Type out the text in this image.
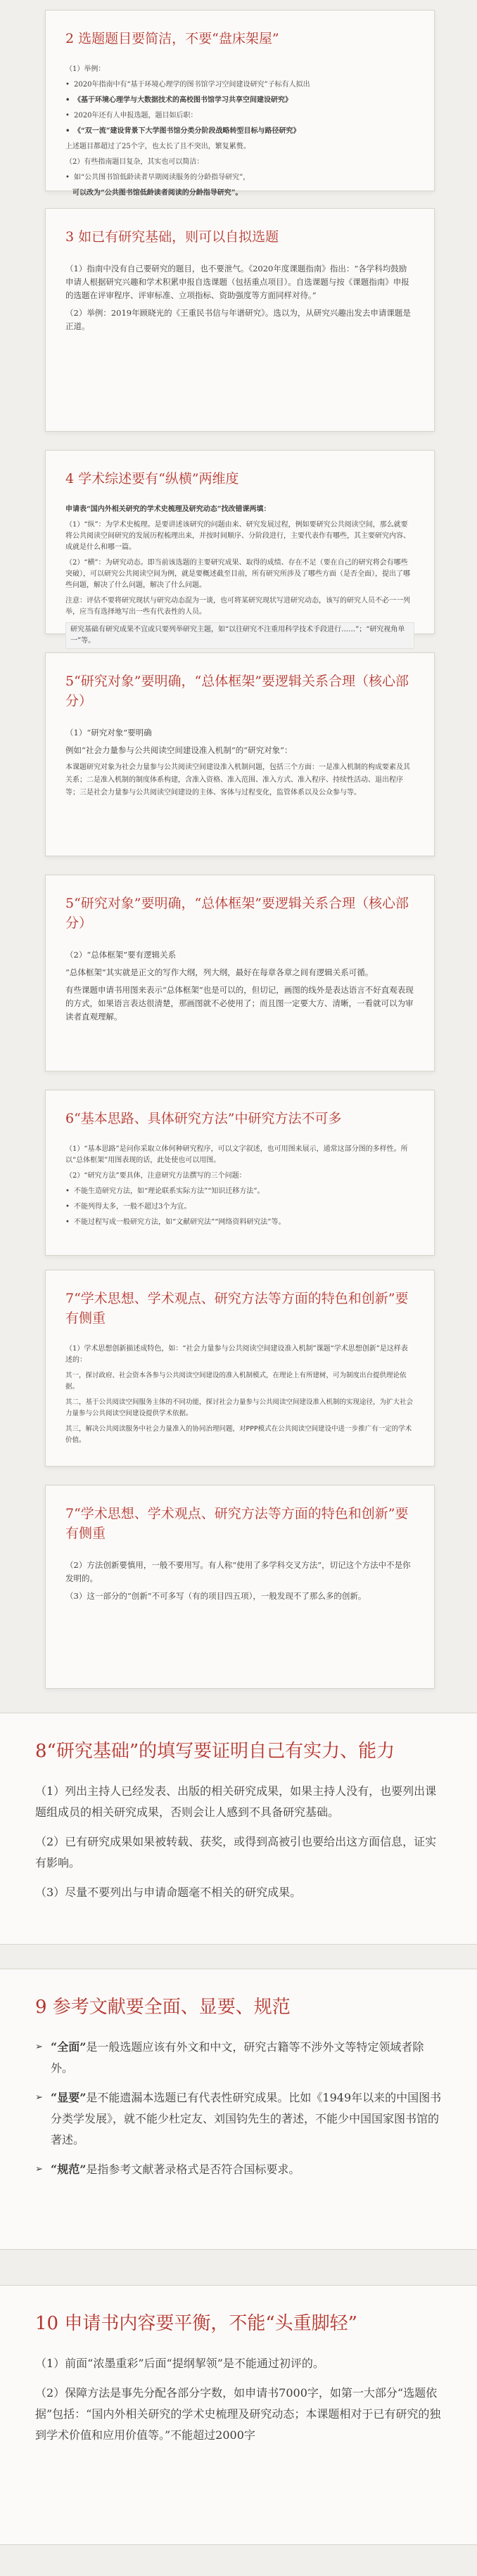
2 选题题目要简洁，不要“盘床架屋”

（1）举例：

• 2020年指南中有“基于环境心理学的图书馆学习空间建设研究”子标有人拟出

• 《基于环境心理学与大数据技术的高校图书馆学习共享空间建设研究》

• 2020年还有人申报选题，题目如后职：

• 《“双一流”建设背景下大学图书馆分类分阶段战略转型目标与路径研究》

上述题目都超过了25个字，也太长了且不突出，繁复累赘。

（2）有些指南题目复杂，其实也可以简洁：

• 如“公共图书馆低龄读者早期阅读服务的分龄指导研究”，

可以改为“公共图书馆低龄读者阅读的分龄指导研究”。

3 如已有研究基础，则可以自拟选题

（1）指南中没有自己要研究的题目，也不要泄气。《2020年度课题指南》指出：“各学科均鼓励申请人根据研究兴趣和学术积累申报自选课题（包括重点项目）。自选课题与按《课题指南》申报的选题在评审程序、评审标准、立项指标、资助强度等方面同样对待。”

（2）举例：2019年顾晓光的《王重民书信与年谱研究》。选以为，从研究兴趣出发去申请课题是正道。

4 学术综述要有“纵横”两维度

申请表“国内外相关研究的学术史梳理及研究动态”找改错课两填：

（1）“纵”：为学术史梳理。是要讲述该研究的问题由来、研究发展过程，例如要研究公共阅读空间，那么就要将公共阅读空间研究的发展历程梳理出来，并按时间顺序、分阶段进行，主要代表作有哪些，其主要研究内容、成就是什么和哪一篇。

（2）“横”：为研究动态。即当前该选题的主要研究成果、取得的成绩、存在不足（要在自己的研究将会有哪些突破），可以研究公共阅读空间为例，就是要概述截至目前，所有研究所涉及了哪些方面（是否全面），提出了哪些问题，解决了什么问题，解决了什么问题。

注意：评估不要将研究现状与研究动态混为一谈，也可将某研究现状写进研究动态，该写的研究人员不必一一列举，应当有选择地写出一些有代表性的人员。

研究基础有研究成果不宜或只要列举研究主题，如“以往研究不注重用科学技术手段进行……”；“研究视角单一”等。

5“研究对象”要明确，“总体框架”要逻辑关系合理（核心部分）

（1）“研究对象”要明确

例如“社会力量参与公共阅读空间建设准入机制”的“研究对象”：

本课题研究对象为社会力量参与公共阅读空间建设准入机制问题，包括三个方面：一是准入机制的构成要素及其关系；二是准入机制的制度体系构建，含准入资格、准入范围、准入方式、准入程序、持续性活动、退出程序等；三是社会力量参与公共阅读空间建设的主体、客体与过程变化，监管体系以及公众参与等。

5“研究对象”要明确，“总体框架”要逻辑关系合理（核心部分）

（2）“总体框架”要有逻辑关系

“总体框架”其实就是正文的写作大纲，列大纲，最好在每章各章之间有逻辑关系可循。

有些课题申请书用图来表示“总体框架”也是可以的，但切记，画图的线外是表达语言不好直观表现的方式，如果语言表达很清楚，那画图就不必使用了；而且图一定要大方、清晰，一看就可以为审读者直观理解。

6“基本思路、具体研究方法”中研究方法不可多

（1）“基本思路”是问你采取立体何种研究程序，可以文字叙述，也可用图来展示，通常这部分图的多样性。所以“总体框架”用图表现的话，此处使也可以用图。

（2）“研究方法”要具体，注意研究方法撰写的三个问题：

• 不能生造研究方法，如“理论联系实际方法”“知识迁移方法”。

• 不能列得太多，一般不超过3个为宜。

• 不能过程写成一般研究方法，如“文献研究法”“网络资料研究法”等。

7“学术思想、学术观点、研究方法等方面的特色和创新”要有侧重

（1）学术思想创新描述成特色，如：“社会力量参与公共阅读空间建设准入机制”课题“学术思想创新”是这样表述的：

其一，探讨政府、社会资本各参与公共阅读空间建设的准入机制模式，在理论上有所建树，可为制度出台提供理论依据。

其二，基于公共阅读空间服务主体的不同功能，探讨社会力量参与公共阅读空间建设准入机制的实现途径，为扩大社会力量参与公共阅读空间建设提供学术依据。

其三，解决公共阅读服务中社会力量准入的协同治理问题，对PPP模式在公共阅读空间建设中进一步推广有一定的学术价值。

7“学术思想、学术观点、研究方法等方面的特色和创新”要有侧重

（2）方法创新要慎用，一般不要用写。有人称“使用了多学科交叉方法”，切记这个方法中不是你发明的。

（3）这一部分的“创新”不可多写（有的项目四五项），一般发现不了那么多的创新。

8“研究基础”的填写要证明自己有实力、能力

（1）列出主持人已经发表、出版的相关研究成果，如果主持人没有，也要列出课题组成员的相关研究成果，否则会让人感到不具备研究基础。

（2）已有研究成果如果被转载、获奖，或得到高被引也要给出这方面信息，证实有影响。

（3）尽量不要列出与申请命题毫不相关的研究成果。

9 参考文献要全面、显要、规范

➢ “全面”是一般选题应该有外文和中文，研究古籍等不涉外文等特定领域者除外。

➢ “显要”是不能遗漏本选题已有代表性研究成果。比如《1949年以来的中国图书分类学发展》，就不能少杜定友、刘国钧先生的著述，不能少中国国家图书馆的著述。

➢ “规范”是指参考文献著录格式是否符合国标要求。

10 申请书内容要平衡，不能“头重脚轻”

（1）前面“浓墨重彩”后面“提纲挈领”是不能通过初评的。

（2）保障方法是事先分配各部分字数，如申请书7000字，如第一大部分“选题依据”包括：“国内外相关研究的学术史梳理及研究动态；本课题相对于已有研究的独到学术价值和应用价值等。”不能超过2000字
